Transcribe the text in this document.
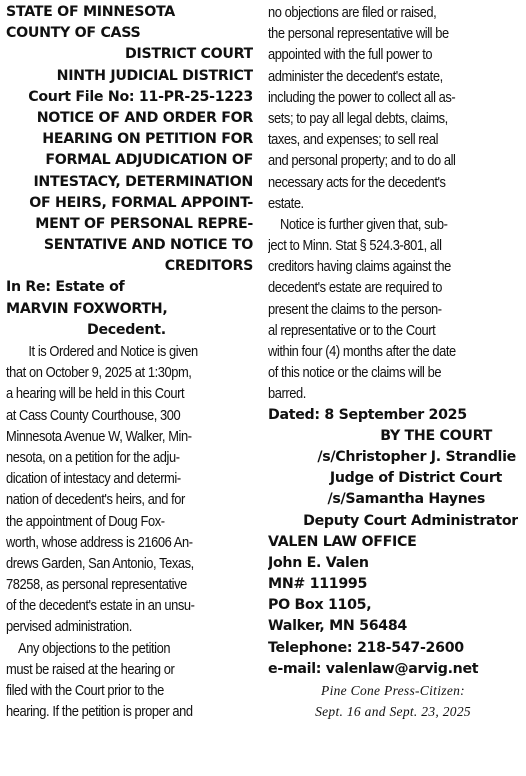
STATE OF MINNESOTA
COUNTY OF CASS
DISTRICT COURT
NINTH JUDICIAL DISTRICT
Court File No: 11-PR-25-1223
NOTICE OF AND ORDER FOR
HEARING ON PETITION FOR
FORMAL ADJUDICATION OF
INTESTACY, DETERMINATION
OF HEIRS, FORMAL APPOINT-
MENT OF PERSONAL REPRE-
SENTATIVE AND NOTICE TO
CREDITORS
In Re: Estate of
MARVIN FOXWORTH,
Decedent.
It is Ordered and Notice is given
that on October 9, 2025 at 1:30pm,
a hearing will be held in this Court
at Cass County Courthouse, 300
Minnesota Avenue W, Walker, Min-
nesota, on a petition for the adju-
dication of intestacy and determi-
nation of decedent's heirs, and for
the appointment of Doug Fox-
worth, whose address is 21606 An-
drews Garden, San Antonio, Texas,
78258, as personal representative
of the decedent's estate in an unsu-
pervised administration.
Any objections to the petition
must be raised at the hearing or
filed with the Court prior to the
hearing. If the petition is proper and
no objections are filed or raised,
the personal representative will be
appointed with the full power to
administer the decedent's estate,
including the power to collect all as-
sets; to pay all legal debts, claims,
taxes, and expenses; to sell real
and personal property; and to do all
necessary acts for the decedent's
estate.
Notice is further given that, sub-
ject to Minn. Stat § 524.3-801, all
creditors having claims against the
decedent's estate are required to
present the claims to the person-
al representative or to the Court
within four (4) months after the date
of this notice or the claims will be
barred.
Dated: 8 September 2025
BY THE COURT
/s/Christopher J. Strandlie
Judge of District Court
/s/Samantha Haynes
Deputy Court Administrator
VALEN LAW OFFICE
John E. Valen
MN# 111995
PO Box 1105,
Walker, MN 56484
Telephone: 218-547-2600
e-mail: valenlaw@arvig.net
Pine Cone Press-Citizen:
Sept. 16 and Sept. 23, 2025
